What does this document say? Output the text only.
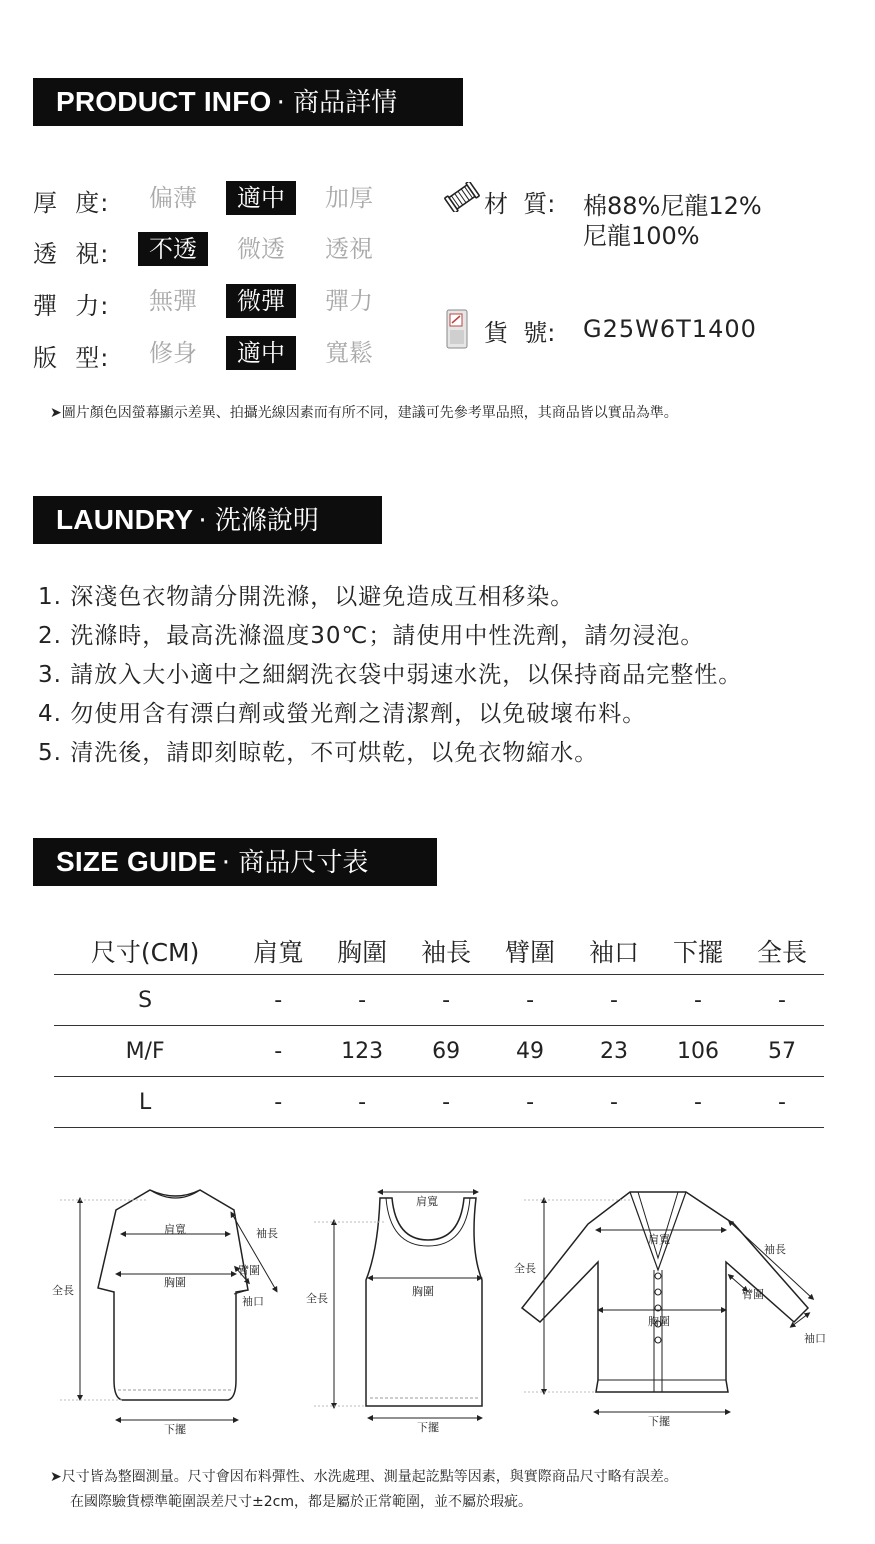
PRODUCT INFO · 商品詳情
厚  度:	偏薄	適中	加厚
透  視:	不透	微透	透視
彈  力:	無彈	微彈	彈力
版  型:	修身	適中	寬鬆
材  質: 棉88%尼龍12%
尼龍100%
貨  號: G25W6T1400
➤圖片顏色因螢幕顯示差異、拍攝光線因素而有所不同，建議可先參考單品照，其商品皆以實品為準。
LAUNDRY · 洗滌說明
1. 深淺色衣物請分開洗滌，以避免造成互相移染。
2. 洗滌時，最高洗滌溫度30℃；請使用中性洗劑，請勿浸泡。
3. 請放入大小適中之細網洗衣袋中弱速水洗，以保持商品完整性。
4. 勿使用含有漂白劑或螢光劑之清潔劑，以免破壞布料。
5. 清洗後，請即刻晾乾，不可烘乾，以免衣物縮水。
SIZE GUIDE · 商品尺寸表
尺寸(CM)	肩寬	胸圍	袖長	臂圍	袖口	下擺	全長
S	-	-	-	-	-	-	-
M/F	-	123	69	49	23	106	57
L	-	-	-	-	-	-	-
肩寬
胸圍
袖長
臂圍
袖口
全長
下擺
肩寬
胸圍
全長
下擺
肩寬
胸圍
袖長
臂圍
袖口
全長
下擺
➤尺寸皆為整圈測量。尺寸會因布料彈性、水洗處理、測量起訖點等因素，與實際商品尺寸略有誤差。
在國際驗貨標準範圍誤差尺寸±2cm，都是屬於正常範圍，並不屬於瑕疵。
